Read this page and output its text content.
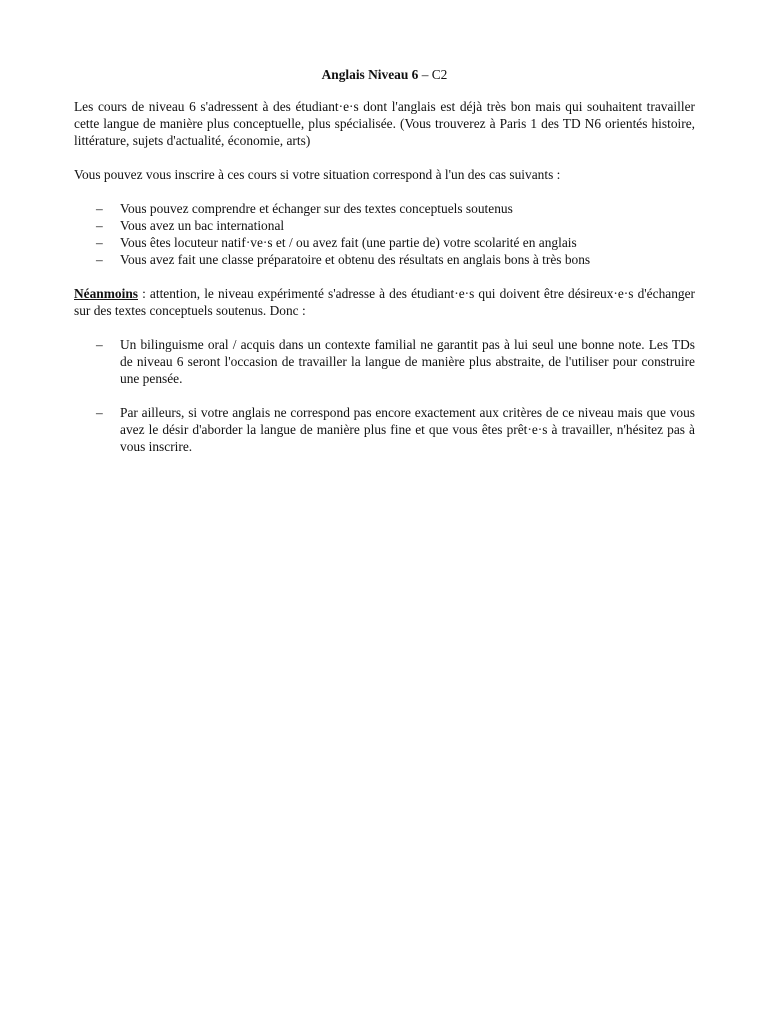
Anglais Niveau 6 – C2

Les cours de niveau 6 s'adressent à des étudiant·e·s dont l'anglais est déjà très bon mais qui souhaitent travailler cette langue de manière plus conceptuelle, plus spécialisée. (Vous trouverez à Paris 1 des TD N6 orientés histoire, littérature, sujets d'actualité, économie, arts)

Vous pouvez vous inscrire à ces cours si votre situation correspond à l'un des cas suivants :

– Vous pouvez comprendre et échanger sur des textes conceptuels soutenus
– Vous avez un bac international
– Vous êtes locuteur natif·ve·s et / ou avez fait (une partie de) votre scolarité en anglais
– Vous avez fait une classe préparatoire et obtenu des résultats en anglais bons à très bons

Néanmoins : attention, le niveau expérimenté s'adresse à des étudiant·e·s qui doivent être désireux·e·s d'échanger sur des textes conceptuels soutenus. Donc :

– Un bilinguisme oral / acquis dans un contexte familial ne garantit pas à lui seul une bonne note. Les TDs de niveau 6 seront l'occasion de travailler la langue de manière plus abstraite, de l'utiliser pour construire une pensée.
– Par ailleurs, si votre anglais ne correspond pas encore exactement aux critères de ce niveau mais que vous avez le désir d'aborder la langue de manière plus fine et que vous êtes prêt·e·s à travailler, n'hésitez pas à vous inscrire.
